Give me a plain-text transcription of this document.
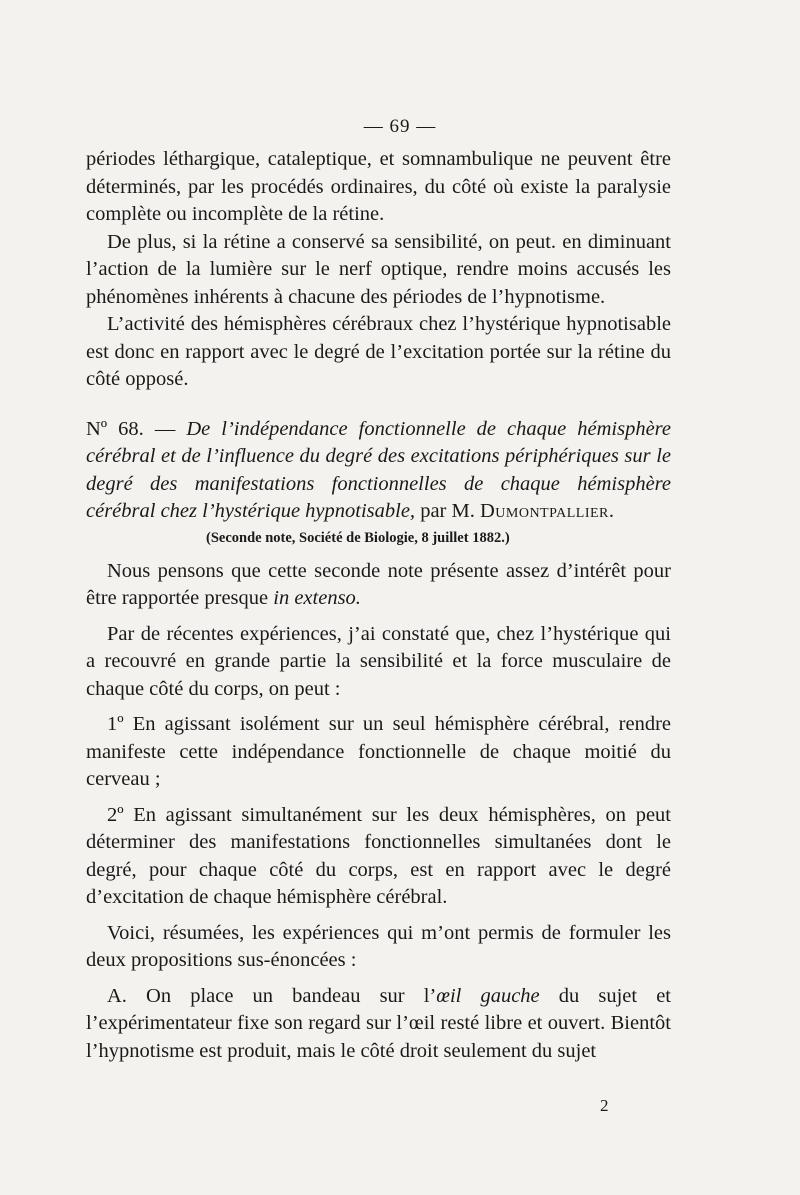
— 69 —

périodes léthargique, cataleptique, et somnambulique ne peuvent être déterminés, par les procédés ordinaires, du côté où existe la paralysie complète ou incomplète de la rétine.

De plus, si la rétine a conservé sa sensibilité, on peut. en diminuant l’action de la lumière sur le nerf optique, rendre moins accusés les phénomènes inhérents à chacune des périodes de l’hypnotisme.

L’activité des hémisphères cérébraux chez l’hystérique hypnotisable est donc en rapport avec le degré de l’excitation portée sur la rétine du côté opposé.

Nº 68. — De l’indépendance fonctionnelle de chaque hémisphère cérébral et de l’influence du degré des excitations périphériques sur le degré des manifestations fonctionnelles de chaque hémisphère cérébral chez l’hystérique hypnotisable, par M. Dumontpallier.

(Seconde note, Société de Biologie, 8 juillet 1882.)

Nous pensons que cette seconde note présente assez d’intérêt pour être rapportée presque in extenso.

Par de récentes expériences, j’ai constaté que, chez l’hystérique qui a recouvré en grande partie la sensibilité et la force musculaire de chaque côté du corps, on peut :

1º En agissant isolément sur un seul hémisphère cérébral, rendre manifeste cette indépendance fonctionnelle de chaque moitié du cerveau ;

2º En agissant simultanément sur les deux hémisphères, on peut déterminer des manifestations fonctionnelles simultanées dont le degré, pour chaque côté du corps, est en rapport avec le degré d’excitation de chaque hémisphère cérébral.

Voici, résumées, les expériences qui m’ont permis de formuler les deux propositions sus-énoncées :

A. On place un bandeau sur l’œil gauche du sujet et l’expérimentateur fixe son regard sur l’œil resté libre et ouvert. Bientôt l’hypnotisme est produit, mais le côté droit seulement du sujet

2
